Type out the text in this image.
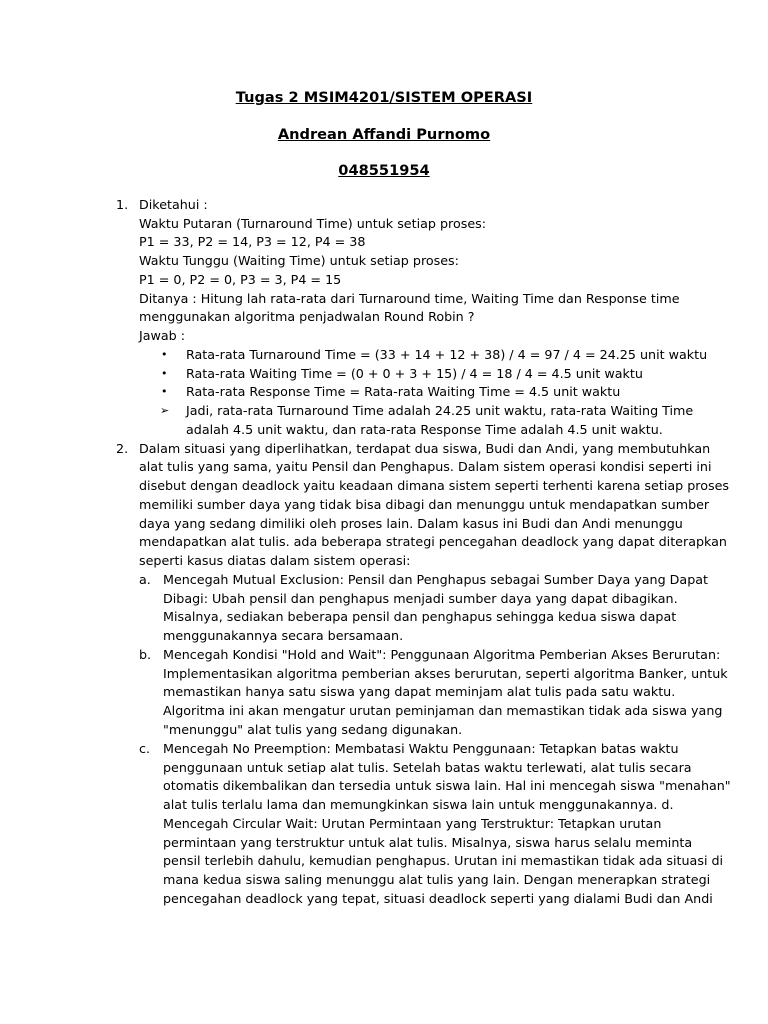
Tugas 2 MSIM4201/SISTEM OPERASI
Andrean Affandi Purnomo
048551954
1. Diketahui :
Waktu Putaran (Turnaround Time) untuk setiap proses:
P1 = 33, P2 = 14, P3 = 12, P4 = 38
Waktu Tunggu (Waiting Time) untuk setiap proses:
P1 = 0, P2 = 0, P3 = 3, P4 = 15
Ditanya : Hitung lah rata-rata dari Turnaround time, Waiting Time dan Response time
menggunakan algoritma penjadwalan Round Robin ?
Jawab :
• Rata-rata Turnaround Time = (33 + 14 + 12 + 38) / 4 = 97 / 4 = 24.25 unit waktu
• Rata-rata Waiting Time = (0 + 0 + 3 + 15) / 4 = 18 / 4 = 4.5 unit waktu
• Rata-rata Response Time = Rata-rata Waiting Time = 4.5 unit waktu
➢ Jadi, rata-rata Turnaround Time adalah 24.25 unit waktu, rata-rata Waiting Time
adalah 4.5 unit waktu, dan rata-rata Response Time adalah 4.5 unit waktu.
2. Dalam situasi yang diperlihatkan, terdapat dua siswa, Budi dan Andi, yang membutuhkan
alat tulis yang sama, yaitu Pensil dan Penghapus. Dalam sistem operasi kondisi seperti ini
disebut dengan deadlock yaitu keadaan dimana sistem seperti terhenti karena setiap proses
memiliki sumber daya yang tidak bisa dibagi dan menunggu untuk mendapatkan sumber
daya yang sedang dimiliki oleh proses lain. Dalam kasus ini Budi dan Andi menunggu
mendapatkan alat tulis. ada beberapa strategi pencegahan deadlock yang dapat diterapkan
seperti kasus diatas dalam sistem operasi:
a. Mencegah Mutual Exclusion: Pensil dan Penghapus sebagai Sumber Daya yang Dapat
Dibagi: Ubah pensil dan penghapus menjadi sumber daya yang dapat dibagikan.
Misalnya, sediakan beberapa pensil dan penghapus sehingga kedua siswa dapat
menggunakannya secara bersamaan.
b. Mencegah Kondisi "Hold and Wait": Penggunaan Algoritma Pemberian Akses Berurutan:
Implementasikan algoritma pemberian akses berurutan, seperti algoritma Banker, untuk
memastikan hanya satu siswa yang dapat meminjam alat tulis pada satu waktu.
Algoritma ini akan mengatur urutan peminjaman dan memastikan tidak ada siswa yang
"menunggu" alat tulis yang sedang digunakan.
c. Mencegah No Preemption: Membatasi Waktu Penggunaan: Tetapkan batas waktu
penggunaan untuk setiap alat tulis. Setelah batas waktu terlewati, alat tulis secara
otomatis dikembalikan dan tersedia untuk siswa lain. Hal ini mencegah siswa "menahan"
alat tulis terlalu lama dan memungkinkan siswa lain untuk menggunakannya. d.
Mencegah Circular Wait: Urutan Permintaan yang Terstruktur: Tetapkan urutan
permintaan yang terstruktur untuk alat tulis. Misalnya, siswa harus selalu meminta
pensil terlebih dahulu, kemudian penghapus. Urutan ini memastikan tidak ada situasi di
mana kedua siswa saling menunggu alat tulis yang lain. Dengan menerapkan strategi
pencegahan deadlock yang tepat, situasi deadlock seperti yang dialami Budi dan Andi
